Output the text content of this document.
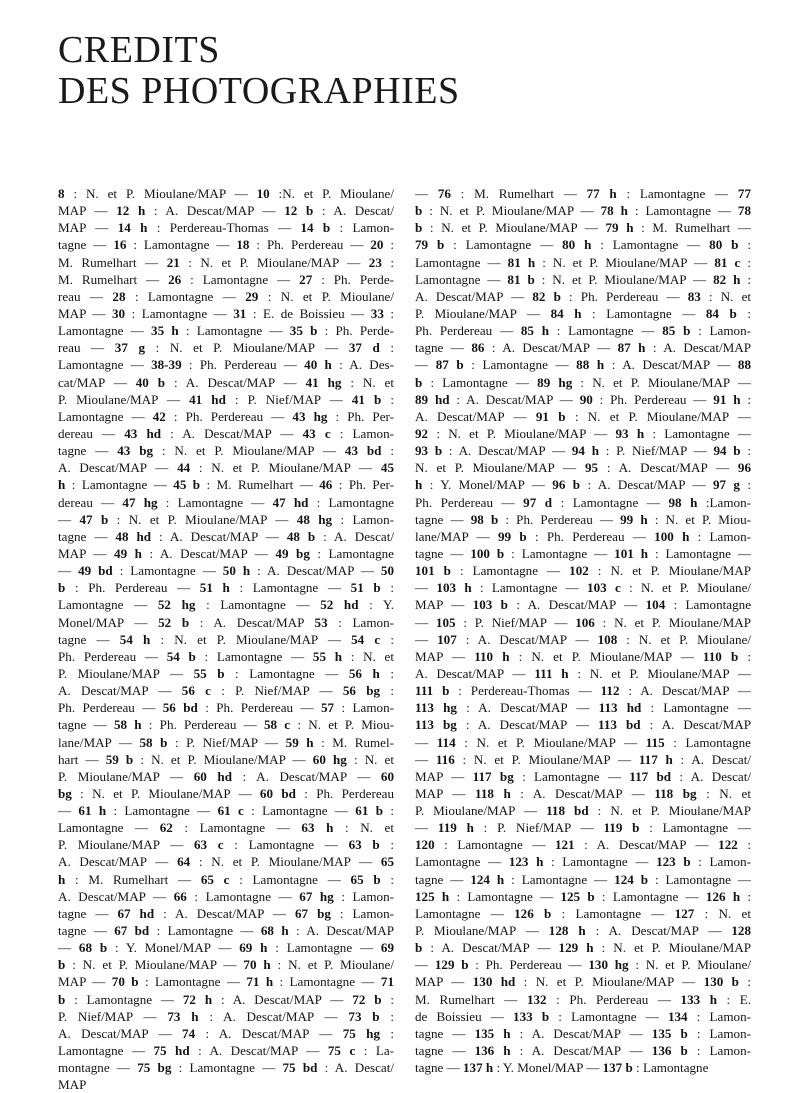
CREDITS
DES PHOTOGRAPHIES
8 : N. et P. Mioulane/MAP — 10 :N. et P. Mioulane/
MAP — 12 h : A. Descat/MAP — 12 b : A. Descat/
MAP — 14 h : Perdereau-Thomas — 14 b : Lamon-
tagne — 16 : Lamontagne — 18 : Ph. Perdereau — 20 :
M. Rumelhart — 21 : N. et P. Mioulane/MAP — 23 :
M. Rumelhart — 26 : Lamontagne — 27 : Ph. Perde-
reau — 28 : Lamontagne — 29 : N. et P. Mioulane/
MAP — 30 : Lamontagne — 31 : E. de Boissieu — 33 :
Lamontagne — 35 h : Lamontagne — 35 b : Ph. Perde-
reau — 37 g : N. et P. Mioulane/MAP — 37 d :
Lamontagne — 38-39 : Ph. Perdereau — 40 h : A. Des-
cat/MAP — 40 b : A. Descat/MAP — 41 hg : N. et
P. Mioulane/MAP — 41 hd : P. Nief/MAP — 41 b :
Lamontagne — 42 : Ph. Perdereau — 43 hg : Ph. Per-
dereau — 43 hd : A. Descat/MAP — 43 c : Lamon-
tagne — 43 bg : N. et P. Mioulane/MAP — 43 bd :
A. Descat/MAP — 44 : N. et P. Mioulane/MAP — 45
h : Lamontagne — 45 b : M. Rumelhart — 46 : Ph. Per-
dereau — 47 hg : Lamontagne — 47 hd : Lamontagne
— 47 b : N. et P. Mioulane/MAP — 48 hg : Lamon-
tagne — 48 hd : A. Descat/MAP — 48 b : A. Descat/
MAP — 49 h : A. Descat/MAP — 49 bg : Lamontagne
— 49 bd : Lamontagne — 50 h : A. Descat/MAP — 50
b : Ph. Perdereau — 51 h : Lamontagne — 51 b :
Lamontagne — 52 hg : Lamontagne — 52 hd : Y.
Monel/MAP — 52 b : A. Descat/MAP 53 : Lamon-
tagne — 54 h : N. et P. Mioulane/MAP — 54 c :
Ph. Perdereau — 54 b : Lamontagne — 55 h : N. et
P. Mioulane/MAP — 55 b : Lamontagne — 56 h :
A. Descat/MAP — 56 c : P. Nief/MAP — 56 bg :
Ph. Perdereau — 56 bd : Ph. Perdereau — 57 : Lamon-
tagne — 58 h : Ph. Perdereau — 58 c : N. et P. Miou-
lane/MAP — 58 b : P. Nief/MAP — 59 h : M. Rumel-
hart — 59 b : N. et P. Mioulane/MAP — 60 hg : N. et
P. Mioulane/MAP — 60 hd : A. Descat/MAP — 60
bg : N. et P. Mioulane/MAP — 60 bd : Ph. Perdereau
— 61 h : Lamontagne — 61 c : Lamontagne — 61 b :
Lamontagne — 62 : Lamontagne — 63 h : N. et
P. Mioulane/MAP — 63 c : Lamontagne — 63 b :
A. Descat/MAP — 64 : N. et P. Mioulane/MAP — 65
h : M. Rumelhart — 65 c : Lamontagne — 65 b :
A. Descat/MAP — 66 : Lamontagne — 67 hg : Lamon-
tagne — 67 hd : A. Descat/MAP — 67 bg : Lamon-
tagne — 67 bd : Lamontagne — 68 h : A. Descat/MAP
— 68 b : Y. Monel/MAP — 69 h : Lamontagne — 69
b : N. et P. Mioulane/MAP — 70 h : N. et P. Mioulane/
MAP — 70 b : Lamontagne — 71 h : Lamontagne — 71
b : Lamontagne — 72 h : A. Descat/MAP — 72 b :
P. Nief/MAP — 73 h : A. Descat/MAP — 73 b :
A. Descat/MAP — 74 : A. Descat/MAP — 75 hg :
Lamontagne — 75 hd : A. Descat/MAP — 75 c : La-
montagne — 75 bg : Lamontagne — 75 bd : A. Descat/
MAP
— 76 : M. Rumelhart — 77 h : Lamontagne — 77
b : N. et P. Mioulane/MAP — 78 h : Lamontagne — 78
b : N. et P. Mioulane/MAP — 79 h : M. Rumelhart —
79 b : Lamontagne — 80 h : Lamontagne — 80 b :
Lamontagne — 81 h : N. et P. Mioulane/MAP — 81 c :
Lamontagne — 81 b : N. et P. Mioulane/MAP — 82 h :
A. Descat/MAP — 82 b : Ph. Perdereau — 83 : N. et
P. Mioulane/MAP — 84 h : Lamontagne — 84 b :
Ph. Perdereau — 85 h : Lamontagne — 85 b : Lamon-
tagne — 86 : A. Descat/MAP — 87 h : A. Descat/MAP
— 87 b : Lamontagne — 88 h : A. Descat/MAP — 88
b : Lamontagne — 89 hg : N. et P. Mioulane/MAP —
89 hd : A. Descat/MAP — 90 : Ph. Perdereau — 91 h :
A. Descat/MAP — 91 b : N. et P. Mioulane/MAP —
92 : N. et P. Mioulane/MAP — 93 h : Lamontagne —
93 b : A. Descat/MAP — 94 h : P. Nief/MAP — 94 b :
N. et P. Mioulane/MAP — 95 : A. Descat/MAP — 96
h : Y. Monel/MAP — 96 b : A. Descat/MAP — 97 g :
Ph. Perdereau — 97 d : Lamontagne — 98 h :Lamon-
tagne — 98 b : Ph. Perdereau — 99 h : N. et P. Miou-
lane/MAP — 99 b : Ph. Perdereau — 100 h : Lamon-
tagne — 100 b : Lamontagne — 101 h : Lamontagne —
101 b : Lamontagne — 102 : N. et P. Mioulane/MAP
— 103 h : Lamontagne — 103 c : N. et P. Mioulane/
MAP — 103 b : A. Descat/MAP — 104 : Lamontagne
— 105 : P. Nief/MAP — 106 : N. et P. Mioulane/MAP
— 107 : A. Descat/MAP — 108 : N. et P. Mioulane/
MAP — 110 h : N. et P. Mioulane/MAP — 110 b :
A. Descat/MAP — 111 h : N. et P. Mioulane/MAP —
111 b : Perdereau-Thomas — 112 : A. Descat/MAP —
113 hg : A. Descat/MAP — 113 hd : Lamontagne —
113 bg : A. Descat/MAP — 113 bd : A. Descat/MAP
— 114 : N. et P. Mioulane/MAP — 115 : Lamontagne
— 116 : N. et P. Mioulane/MAP — 117 h : A. Descat/
MAP — 117 bg : Lamontagne — 117 bd : A. Descat/
MAP — 118 h : A. Descat/MAP — 118 bg : N. et
P. Mioulane/MAP — 118 bd : N. et P. Mioulane/MAP
— 119 h : P. Nief/MAP — 119 b : Lamontagne —
120 : Lamontagne — 121 : A. Descat/MAP — 122 :
Lamontagne — 123 h : Lamontagne — 123 b : Lamon-
tagne — 124 h : Lamontagne — 124 b : Lamontagne —
125 h : Lamontagne — 125 b : Lamontagne — 126 h :
Lamontagne — 126 b : Lamontagne — 127 : N. et
P. Mioulane/MAP — 128 h : A. Descat/MAP — 128
b : A. Descat/MAP — 129 h : N. et P. Mioulane/MAP
— 129 b : Ph. Perdereau — 130 hg : N. et P. Mioulane/
MAP — 130 hd : N. et P. Mioulane/MAP — 130 b :
M. Rumelhart — 132 : Ph. Perdereau — 133 h : E.
de Boissieu — 133 b : Lamontagne — 134 : Lamon-
tagne — 135 h : A. Descat/MAP — 135 b : Lamon-
tagne — 136 h : A. Descat/MAP — 136 b : Lamon-
tagne — 137 h : Y. Monel/MAP — 137 b : Lamontagne
